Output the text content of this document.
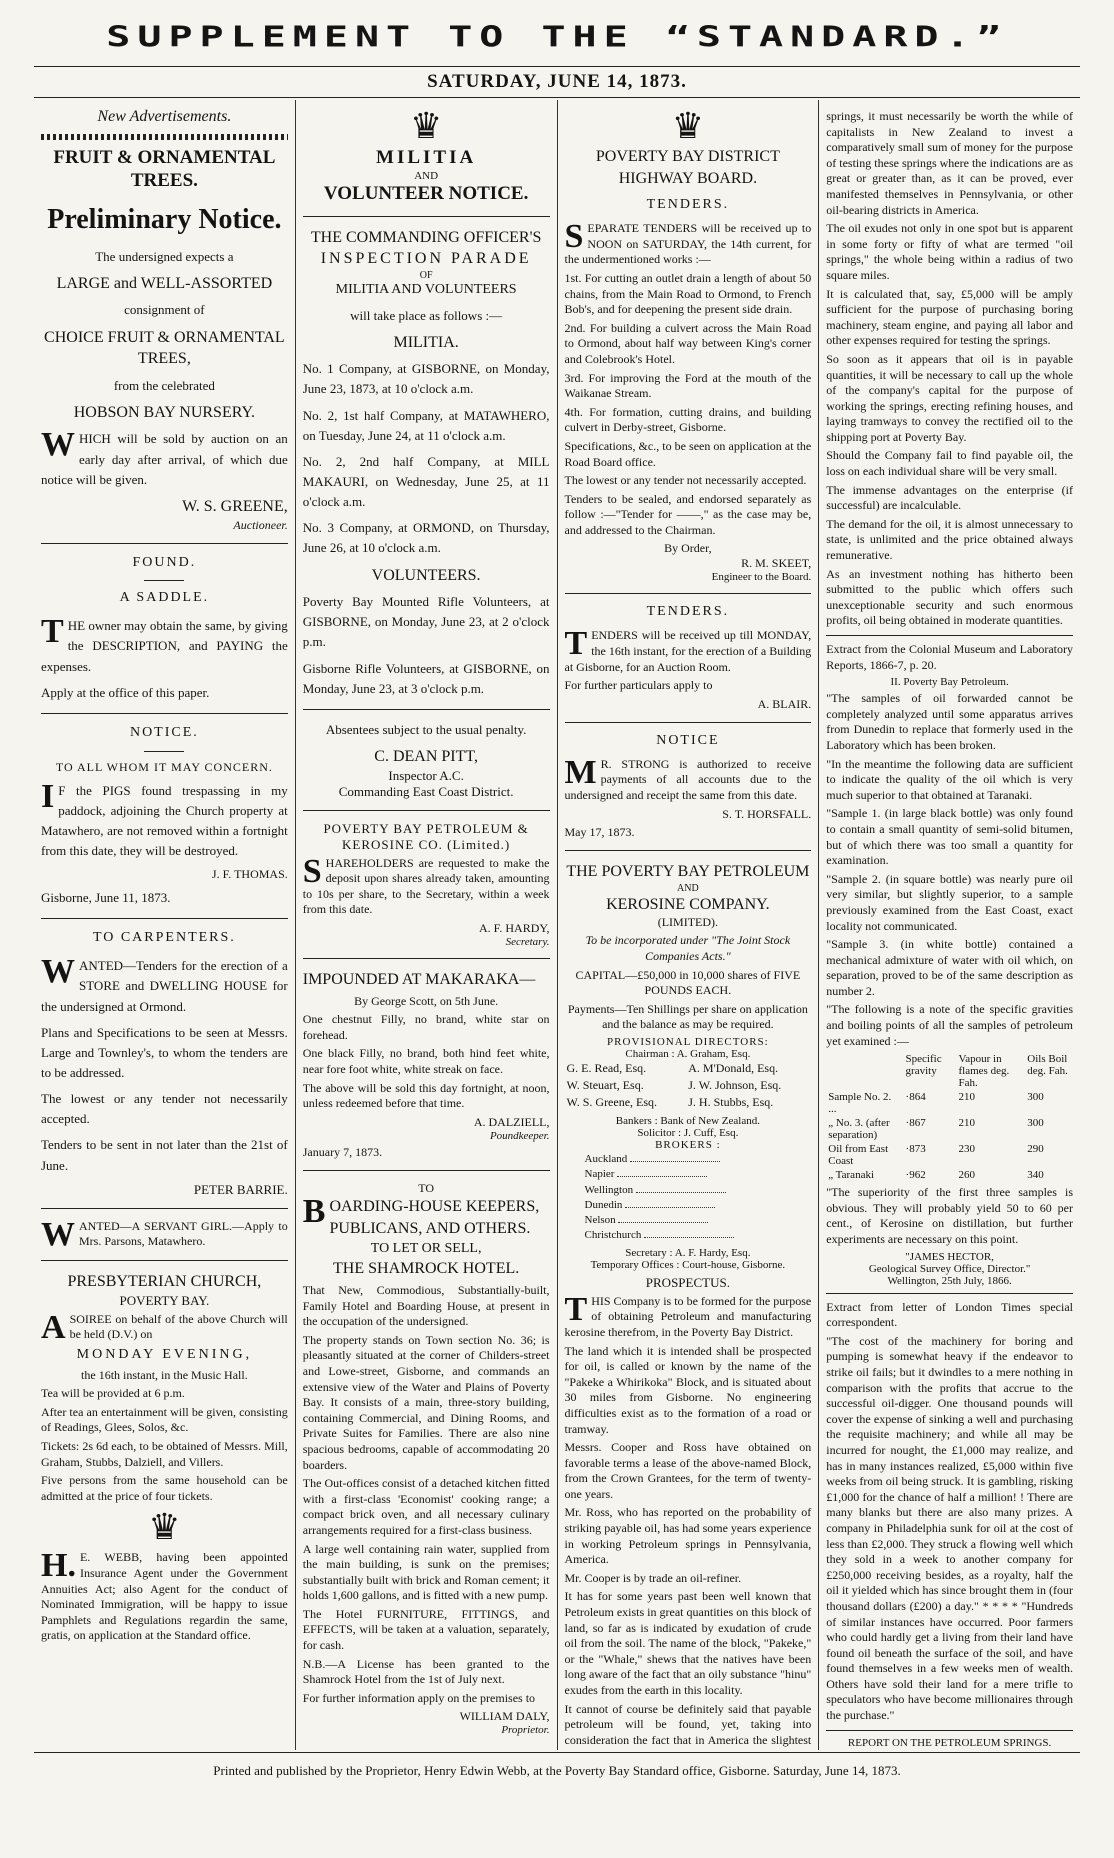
SUPPLEMENT TO THE “STANDARD.”
SATURDAY, JUNE 14, 1873.
New Advertisements.
FRUIT & ORNAMENTAL TREES.
Preliminary Notice.

The undersigned expects a

LARGE and WELL-ASSORTED

consignment of

CHOICE FRUIT & ORNAMENTAL TREES,

from the celebrated

HOBSON BAY NURSERY.

WHICH will be sold by auction on an early day after arrival, of which due notice will be given.

W. S. GREENE,
Auctioneer.
FOUND.
A SADDLE.

THE owner may obtain the same, by giving the DESCRIPTION, and PAYING the expenses.

Apply at the office of this paper.

NOTICE.
TO ALL WHOM IT MAY CONCERN.

IF the PIGS found trespassing in my paddock, adjoining the Church property at Matawhero, are not removed within a fortnight from this date, they will be destroyed.

J. F. THOMAS.

Gisborne, June 11, 1873.

TO CARPENTERS.

WANTED—Tenders for the erection of a STORE and DWELLING HOUSE for the undersigned at Ormond.

Plans and Specifications to be seen at Messrs. Large and Townley's, to whom the tenders are to be addressed.

The lowest or any tender not necessarily accepted.

Tenders to be sent in not later than the 21st of June.

PETER BARRIE.

WANTED—A SERVANT GIRL.—Apply to Mrs. Parsons, Matawhero.

PRESBYTERIAN CHURCH,
POVERTY BAY.

ASOIREE on behalf of the above Church will be held (D.V.) on

MONDAY EVENING,

the 16th instant, in the Music Hall.

Tea will be provided at 6 p.m.

After tea an entertainment will be given, consisting of Readings, Glees, Solos, &c.

Tickets: 2s 6d each, to be obtained of Messrs. Mill, Graham, Stubbs, Dalziell, and Villers.

Five persons from the same household can be admitted at the price of four tickets.

♛

H.E. WEBB, having been appointed Insurance Agent under the Government Annuities Act; also Agent for the conduct of Nominated Immigration, will be happy to issue Pamphlets and Regulations regardin the same, gratis, on application at the Standard office.

♛
MILITIA
AND
VOLUNTEER NOTICE.
THE COMMANDING OFFICER'S
INSPECTION PARADE
OF
MILITIA AND VOLUNTEERS

will take place as follows :—

MILITIA.

No. 1 Company, at GISBORNE, on Monday, June 23, 1873, at 10 o'clock a.m.

No. 2, 1st half Company, at MATAWHERO, on Tuesday, June 24, at 11 o'clock a.m.

No. 2, 2nd half Company, at MILL MAKAURI, on Wednesday, June 25, at 11 o'clock a.m.

No. 3 Company, at ORMOND, on Thursday, June 26, at 10 o'clock a.m.

VOLUNTEERS.

Poverty Bay Mounted Rifle Volunteers, at GISBORNE, on Monday, June 23, at 2 o'clock p.m.

Gisborne Rifle Volunteers, at GISBORNE, on Monday, June 23, at 3 o'clock p.m.

Absentees subject to the usual penalty.

C. DEAN PITT,
Inspector A.C.
Commanding East Coast District.
POVERTY BAY PETROLEUM & KEROSINE CO. (Limited.)

SHAREHOLDERS are requested to make the deposit upon shares already taken, amounting to 10s per share, to the Secretary, within a week from this date.

A. F. HARDY,
Secretary.
IMPOUNDED AT MAKARAKA—

By George Scott, on 5th June.

One chestnut Filly, no brand, white star on forehead.

One black Filly, no brand, both hind feet white, near fore foot white, white streak on face.

The above will be sold this day fortnight, at noon, unless redeemed before that time.

A. DALZIELL,
Poundkeeper.

January 7, 1873.

TO
BOARDING-HOUSE KEEPERS, PUBLICANS, AND OTHERS.
TO LET OR SELL,
THE SHAMROCK HOTEL.

That New, Commodious, Substantially-built, Family Hotel and Boarding House, at present in the occupation of the undersigned.

The property stands on Town section No. 36; is pleasantly situated at the corner of Childers-street and Lowe-street, Gisborne, and commands an extensive view of the Water and Plains of Poverty Bay. It consists of a main, three-story building, containing Commercial, and Dining Rooms, and Private Suites for Families. There are also nine spacious bedrooms, capable of accommodating 20 boarders.

The Out-offices consist of a detached kitchen fitted with a first-class 'Economist' cooking range; a compact brick oven, and all necessary culinary arrangements required for a first-class business.

A large well containing rain water, supplied from the main building, is sunk on the premises; substantially built with brick and Roman cement; it holds 1,600 gallons, and is fitted with a new pump.

The Hotel FURNITURE, FITTINGS, and EFFECTS, will be taken at a valuation, separately, for cash.

N.B.—A License has been granted to the Shamrock Hotel from the 1st of July next.

For further information apply on the premises to

WILLIAM DALY,
Proprietor.
♛
POVERTY BAY DISTRICT HIGHWAY BOARD.
TENDERS.

SEPARATE TENDERS will be received up to NOON on SATURDAY, the 14th current, for the undermentioned works :—

1st. For cutting an outlet drain a length of about 50 chains, from the Main Road to Ormond, to French Bob's, and for deepening the present side drain.

2nd. For building a culvert across the Main Road to Ormond, about half way between King's corner and Colebrook's Hotel.

3rd. For improving the Ford at the mouth of the Waikanae Stream.

4th. For formation, cutting drains, and building culvert in Derby-street, Gisborne.

Specifications, &c., to be seen on application at the Road Board office.

The lowest or any tender not necessarily accepted.

Tenders to be sealed, and endorsed separately as follow :—"Tender for ——," as the case may be, and addressed to the Chairman.

By Order,
R. M. SKEET,
Engineer to the Board.
TENDERS.

TENDERS will be received up till MONDAY, the 16th instant, for the erection of a Building at Gisborne, for an Auction Room.

For further particulars apply to

A. BLAIR.
NOTICE

MR. STRONG is authorized to receive payments of all accounts due to the undersigned and receipt the same from this date.

S. T. HORSFALL.

May 17, 1873.

THE POVERTY BAY PETROLEUM
AND
KEROSINE COMPANY.
(LIMITED).

To be incorporated under "The Joint Stock Companies Acts."

CAPITAL—£50,000 in 10,000 shares of FIVE POUNDS EACH.

Payments—Ten Shillings per share on application and the balance as may be required.

PROVISIONAL DIRECTORS:
Chairman : A. Graham, Esq.
G. E. Read, Esq.	A. M'Donald, Esq.
W. Steuart, Esq.	J. W. Johnson, Esq.
W. S. Greene, Esq.	J. H. Stubbs, Esq.
Bankers : Bank of New Zealand.
Solicitor : J. Cuff, Esq.
BROKERS :
Auckland
Napier
Wellington
Dunedin
Nelson
Christchurch
Secretary : A. F. Hardy, Esq.
Temporary Offices : Court-house, Gisborne.
PROSPECTUS.

THIS Company is to be formed for the purpose of obtaining Petroleum and manufacturing kerosine therefrom, in the Poverty Bay District.

The land which it is intended shall be prospected for oil, is called or known by the name of the "Pakeke a Whirikoka" Block, and is situated about 30 miles from Gisborne. No engineering difficulties exist as to the formation of a road or tramway.

Messrs. Cooper and Ross have obtained on favorable terms a lease of the above-named Block, from the Crown Grantees, for the term of twenty-one years.

Mr. Ross, who has reported on the probability of striking payable oil, has had some years experience in working Petroleum springs in Pennsylvania, America.

Mr. Cooper is by trade an oil-refiner.

It has for some years past been well known that Petroleum exists in great quantities on this block of land, so far as is indicated by exudation of crude oil from the soil. The name of the block, "Pakeke," or the "Whale," shews that the natives have been long aware of the fact that an oily substance "hinu" exudes from the earth in this locality.

It cannot of course be definitely said that payable petroleum will be found, yet, taking into consideration the fact that in America the slightest

springs, it must necessarily be worth the while of capitalists in New Zealand to invest a comparatively small sum of money for the purpose of testing these springs where the indications are as great or greater than, as it can be proved, ever manifested themselves in Pennsylvania, or other oil-bearing districts in America.

The oil exudes not only in one spot but is apparent in some forty or fifty of what are termed "oil springs," the whole being within a radius of two square miles.

It is calculated that, say, £5,000 will be amply sufficient for the purpose of purchasing boring machinery, steam engine, and paying all labor and other expenses required for testing the springs.

So soon as it appears that oil is in payable quantities, it will be necessary to call up the whole of the company's capital for the purpose of working the springs, erecting refining houses, and laying tramways to convey the rectified oil to the shipping port at Poverty Bay.

Should the Company fail to find payable oil, the loss on each individual share will be very small.

The immense advantages on the enterprise (if successful) are incalculable.

The demand for the oil, it is almost unnecessary to state, is unlimited and the price obtained always remunerative.

As an investment nothing has hitherto been submitted to the public which offers such unexceptionable security and such enormous profits, oil being obtained in moderate quantities.

Extract from the Colonial Museum and Laboratory Reports, 1866-7, p. 20.

II. Poverty Bay Petroleum.

"The samples of oil forwarded cannot be completely analyzed until some apparatus arrives from Dunedin to replace that formerly used in the Laboratory which has been broken.

"In the meantime the following data are sufficient to indicate the quality of the oil which is very much superior to that obtained at Taranaki.

"Sample 1. (in large black bottle) was only found to contain a small quantity of semi-solid bitumen, but of which there was too small a quantity for examination.

"Sample 2. (in square bottle) was nearly pure oil very similar, but slightly superior, to a sample previously examined from the East Coast, exact locality not communicated.

"Sample 3. (in white bottle) contained a mechanical admixture of water with oil which, on separation, proved to be of the same description as number 2.

"The following is a note of the specific gravities and boiling points of all the samples of petroleum yet examined :—

	Specific gravity	Vapour in flames deg. Fah.	Oils Boil deg. Fah.
Sample No. 2. ...	·864	210	300
„ No. 3. (after separation)	·867	210	300
Oil from East Coast	·873	230	290
„ Taranaki	·962	260	340

"The superiority of the first three samples is obvious. They will probably yield 50 to 60 per cent., of Kerosine on distillation, but further experiments are necessary on this point.

"JAMES HECTOR,
Geological Survey Office, Director."
Wellington, 25th July, 1866.

Extract from letter of London Times special correspondent.

"The cost of the machinery for boring and pumping is somewhat heavy if the endeavor to strike oil fails; but it dwindles to a mere nothing in comparison with the profits that accrue to the successful oil-digger. One thousand pounds will cover the expense of sinking a well and purchasing the requisite machinery; and while all may be incurred for nought, the £1,000 may realize, and has in many instances realized, £5,000 within five weeks from oil being struck. It is gambling, risking £1,000 for the chance of half a million! ! There are many blanks but there are also many prizes. A company in Philadelphia sunk for oil at the cost of less than £2,000. They struck a flowing well which they sold in a week to another company for £250,000 receiving besides, as a royalty, half the oil it yielded which has since brought them in (four thousand dollars (£200) a day." * * * * "Hundreds of similar instances have occurred. Poor farmers who could hardly get a living from their land have found oil beneath the surface of the soil, and have found themselves in a few weeks men of wealth. Others have sold their land for a mere trifle to speculators who have become millionaires through the purchase."

REPORT ON THE PETROLEUM SPRINGS.

Printed and published by the Proprietor, Henry Edwin Webb, at the Poverty Bay Standard office, Gisborne. Saturday, June 14, 1873.
